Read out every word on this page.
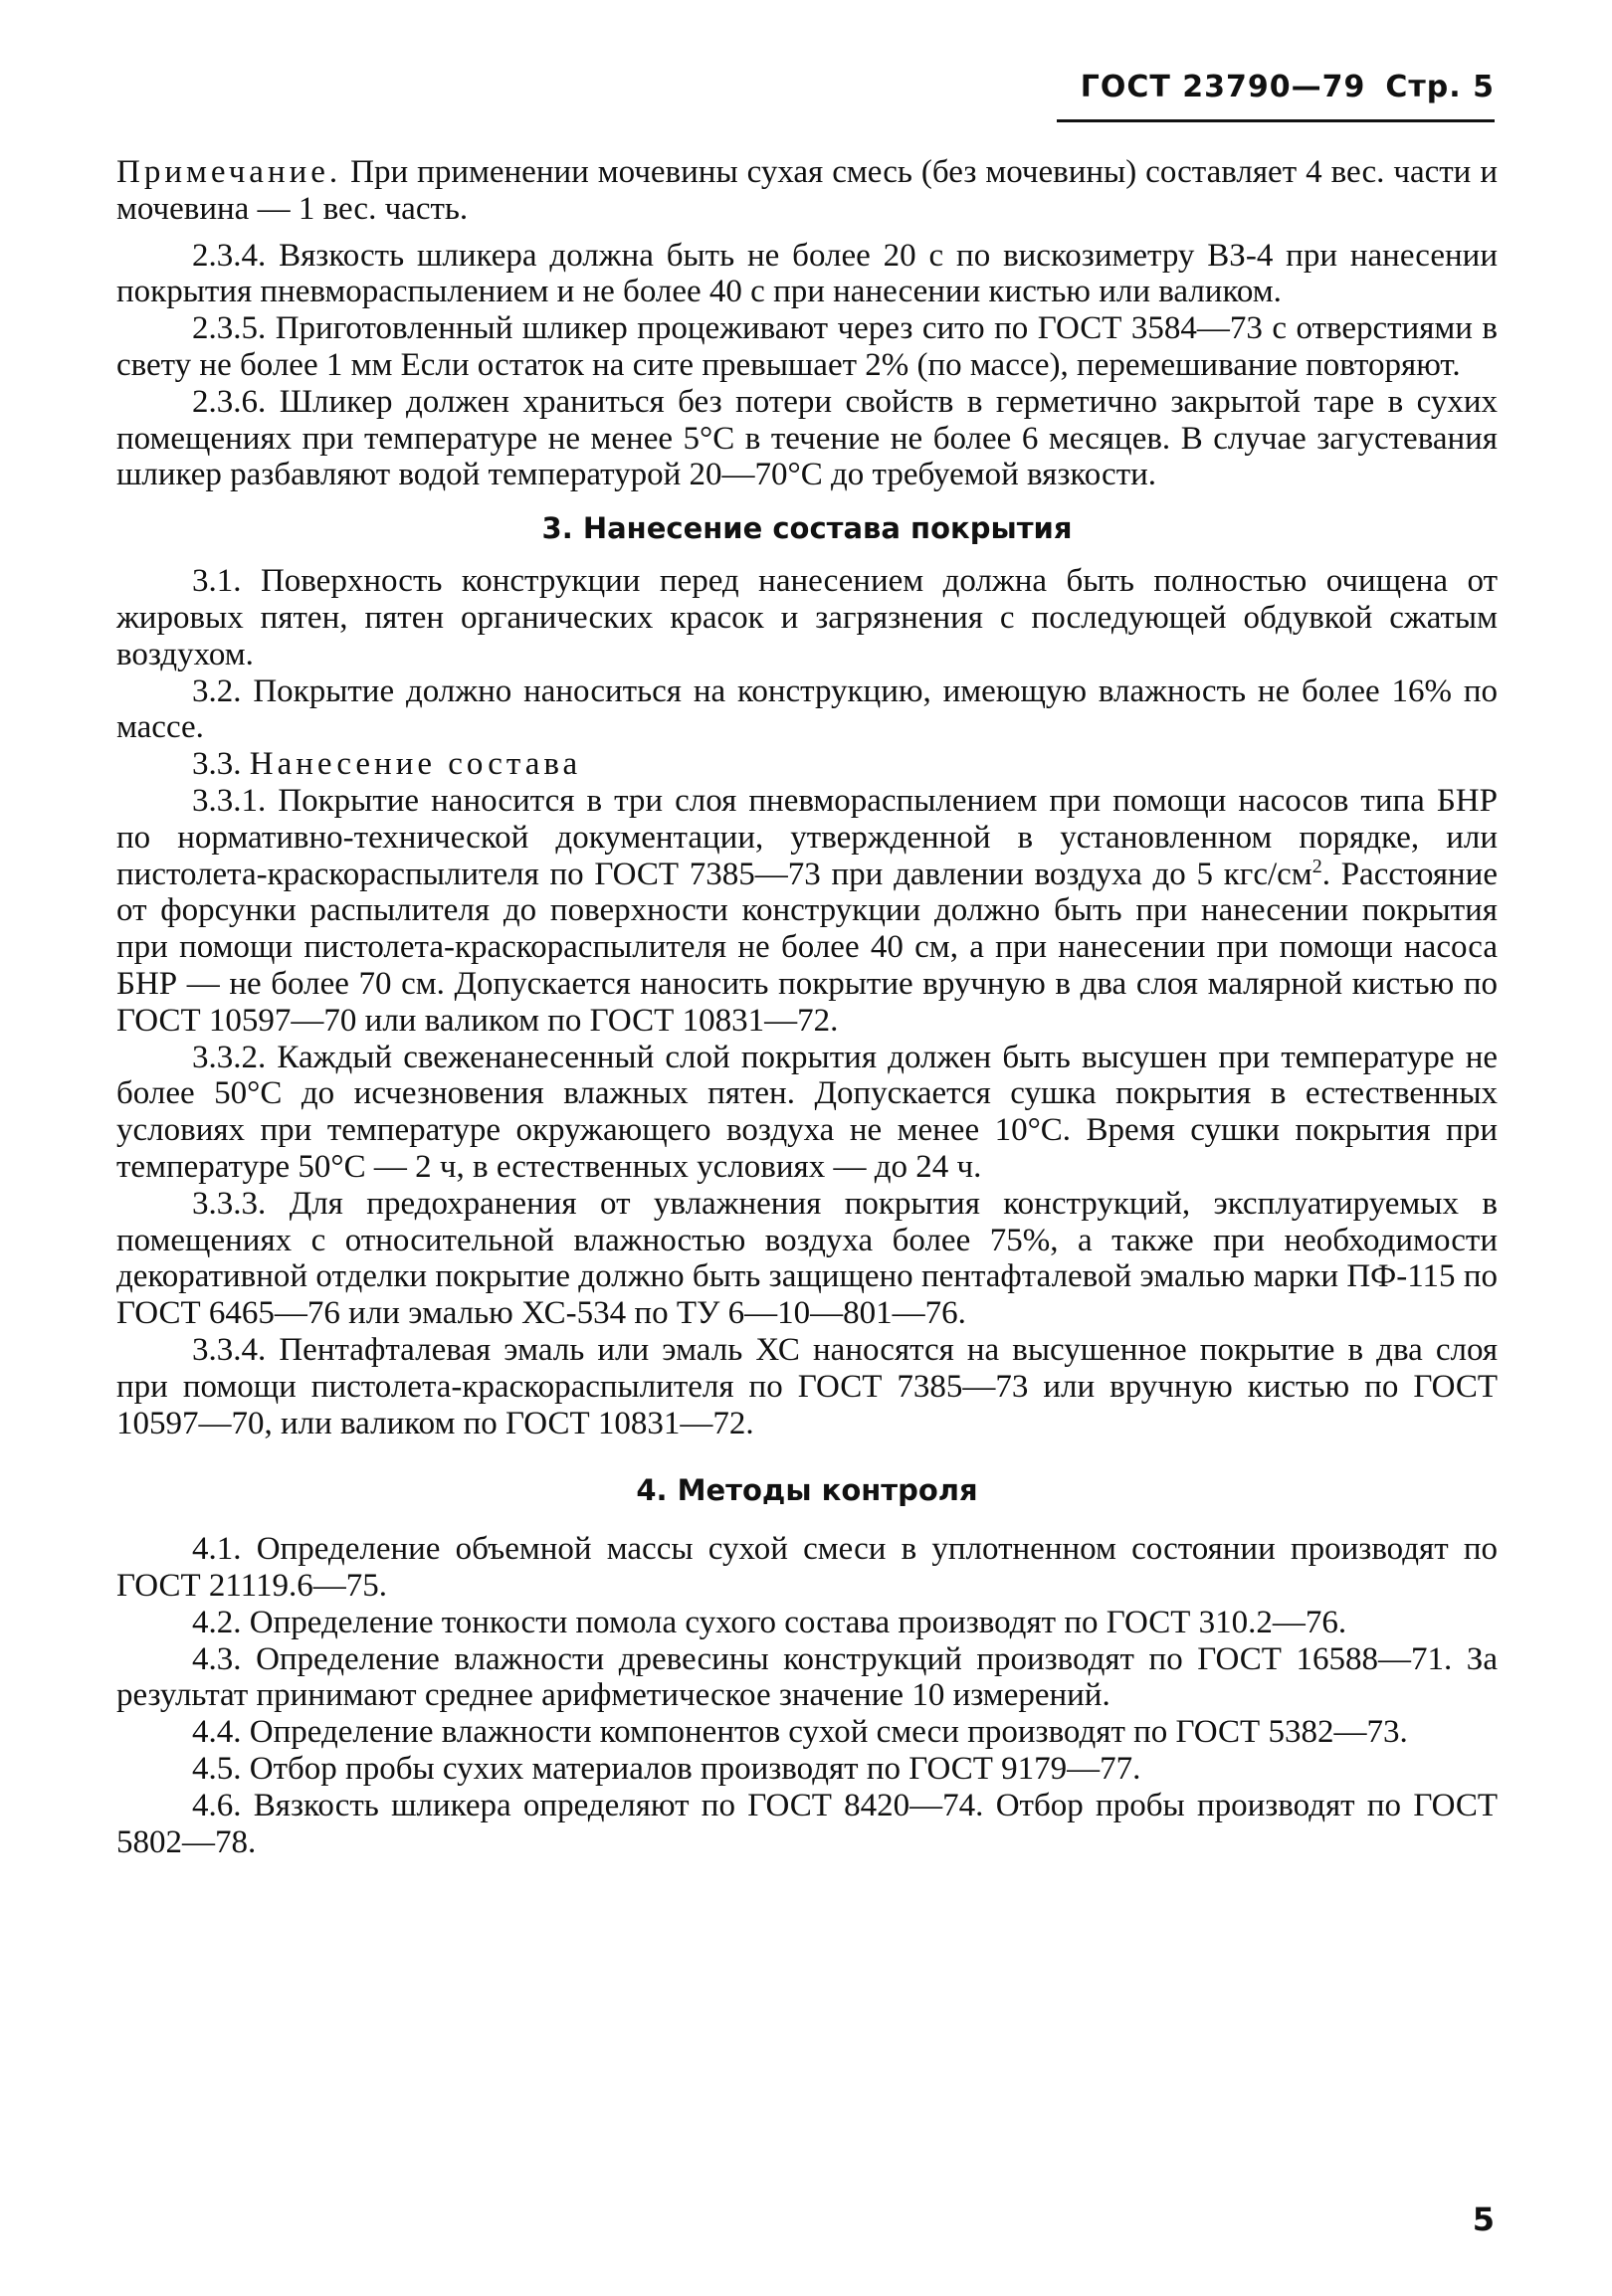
ГОСТ 23790—79 Стр. 5

Примечание. При применении мочевины сухая смесь (без мочевины) составляет 4 вес. части и мочевина — 1 вес. часть.

2.3.4. Вязкость шликера должна быть не более 20 с по вискозиметру ВЗ-4 при нанесении покрытия пневмораспылением и не более 40 с при нанесении кистью или валиком.

2.3.5. Приготовленный шликер процеживают через сито по ГОСТ 3584—73 с отверстиями в свету не более 1 мм Если остаток на сите превышает 2% (по массе), перемешивание повторяют.

2.3.6. Шликер должен храниться без потери свойств в герметично закрытой таре в сухих помещениях при температуре не менее 5°С в течение не более 6 месяцев. В случае загустевания шликер разбавляют водой температурой 20—70°С до требуемой вязкости.

3. Нанесение состава покрытия

3.1. Поверхность конструкции перед нанесением должна быть полностью очищена от жировых пятен, пятен органических красок и загрязнения с последующей обдувкой сжатым воздухом.

3.2. Покрытие должно наноситься на конструкцию, имеющую влажность не более 16% по массе.

3.3. Нанесение состава

3.3.1. Покрытие наносится в три слоя пневмораспылением при помощи насосов типа БНР по нормативно-технической документации, утвержденной в установленном порядке, или пистолета-краскораспылителя по ГОСТ 7385—73 при давлении воздуха до 5 кгс/$см^2$. Расстояние от форсунки распылителя до поверхности конструкции должно быть при нанесении покрытия при помощи пистолета-краскораспылителя не более 40 см, а при нанесении при помощи насоса БНР — не более 70 см. Допускается наносить покрытие вручную в два слоя малярной кистью по ГОСТ 10597—70 или валиком по ГОСТ 10831—72.

3.3.2. Каждый свеженанесенный слой покрытия должен быть высушен при температуре не более 50°С до исчезновения влажных пятен. Допускается сушка покрытия в естественных условиях при температуре окружающего воздуха не менее 10°С. Время сушки покрытия при температуре 50°С — 2 ч, в естественных условиях — до 24 ч.

3.3.3. Для предохранения от увлажнения покрытия конструкций, эксплуатируемых в помещениях с относительной влажностью воздуха более 75%, а также при необходимости декоративной отделки покрытие должно быть защищено пентафталевой эмалью марки ПФ-115 по ГОСТ 6465—76 или эмалью ХС-534 по ТУ 6—10—801—76.

3.3.4. Пентафталевая эмаль или эмаль ХС наносятся на высушенное покрытие в два слоя при помощи пистолета-краскораспылителя по ГОСТ 7385—73 или вручную кистью по ГОСТ 10597—70, или валиком по ГОСТ 10831—72.

4. Методы контроля

4.1. Определение объемной массы сухой смеси в уплотненном состоянии производят по ГОСТ 21119.6—75.

4.2. Определение тонкости помола сухого состава производят по ГОСТ 310.2—76.

4.3. Определение влажности древесины конструкций производят по ГОСТ 16588—71. За результат принимают среднее арифметическое значение 10 измерений.

4.4. Определение влажности компонентов сухой смеси производят по ГОСТ 5382—73.

4.5. Отбор пробы сухих материалов производят по ГОСТ 9179—77.

4.6. Вязкость шликера определяют по ГОСТ 8420—74. Отбор пробы производят по ГОСТ 5802—78.

5
